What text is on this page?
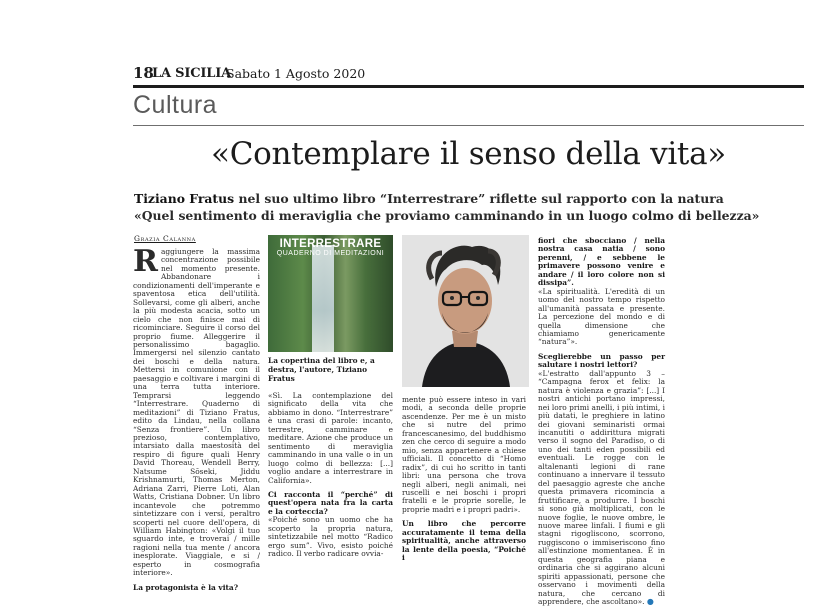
18
LA SICILIA
Sabato 1 Agosto 2020
Cultura
«Contemplare il senso della vita»
Tiziano Fratus nel suo ultimo libro “Interrestrare” riflette sul rapporto con la natura
«Quel sentimento di meraviglia che proviamo camminando in un luogo colmo di bellezza»
Grazia Calanna
R aggiungere la massima concentrazione possibile nel momento presente. Abbandonare i condizionamenti dell'imperante e spaventosa etica dell'utilità. Sollevarsi, come gli alberi, anche la più modesta acacia, sotto un cielo che non finisce mai di ricominciare. Seguire il corso del proprio fiume. Alleggerire il personalissimo bagaglio. Immergersi nel silenzio cantato dei boschi e della natura. Mettersi in comunione con il paesaggio e coltivare i margini di una terra tutta interiore. Temprarsi leggendo “Interrestrare. Quaderno di meditazioni” di Tiziano Fratus, edito da Lindau, nella collana “Senza frontiere”. Un libro prezioso, contemplativo, intarsiato dalla maestosità del respiro di figure quali Henry David Thoreau, Wendell Berry, Natsume Sōseki, Jiddu Krishnamurti, Thomas Merton, Adriana Zarri, Pierre Loti, Alan Watts, Cristiana Dobner. Un libro incantevole che potremmo sintetizzare con i versi, peraltro scoperti nel cuore dell'opera, di William Habington: «Volgi il tuo sguardo inte, e troverai / mille ragioni nella tua mente / ancora inesplorate. Viaggiale, e si / esperto in cosmografia interiore».

La protagonista è la vita?

INTERRESTRARE
QUADERNO DI MEDITAZIONI
La copertina del libro e, a destra, l'autore, Tiziano Fratus

«Sì. La contemplazione del significato della vita che abbiamo in dono. “Interrestrare” è una crasi di parole: incanto, terrestre, camminare e meditare. Azione che produce un sentimento di meraviglia camminando in una valle o in un luogo colmo di bellezza: [...] voglio andare a interrestrare in California».

Ci racconta il “perché” di quest'opera nata fra la carta e la corteccia?

«Poiché sono un uomo che ha scoperto la propria natura, sintetizzabile nel motto “Radico ergo sum”. Vivo, esisto poiché radico. Il verbo radicare ovvia-

mente può essere inteso in vari modi, a seconda delle proprie ascendenze. Per me è un misto che si nutre del primo francescanesimo, del buddhismo zen che cerco di seguire a modo mio, senza appartenere a chiese ufficiali. Il concetto di “Homo radix”, di cui ho scritto in tanti libri: una persona che trova negli alberi, negli animali, nei ruscelli e nei boschi i propri fratelli e le proprie sorelle, le proprie madri e i propri padri».

Un libro che percorre accuratamente il tema della spiritualità, anche attraverso la lente della poesia, “Poiché i

fiori che sbocciano / nella nostra casa natia / sono perenni, / e sebbene le primavere possono venire e andare / il loro colore non si dissipa”.

«La spiritualità. L'eredità di un uomo del nostro tempo rispetto all'umanità passata e presente. La percezione del mondo e di quella dimensione che chiamiamo genericamente “natura”».

Sceglierebbe un passo per salutare i nostri lettori?

«L'estratto dall'appunto 3 – “Campagna ferox et felix: la natura è violenza e grazia”: [...] I nostri antichi portano impressi, nei loro primi anelli, i più intimi, i più datati, le preghiere in latino dei giovani seminaristi ormai incanutiti o addirittura migrati verso il sogno del Paradiso, o di uno dei tanti eden possibili ed eventuali. Le rogge con le altalenanti legioni di rane continuano a innervare il tessuto del paesaggio agreste che anche questa primavera ricomincia a fruttificare, a produrre. I boschi si sono già moltiplicati, con le nuove foglie, le nuove ombre, le nuove maree linfali. I fiumi e gli stagni rigogliscono, scorrono, ruggiscono o immiseriscono fino all'estinzione momentanea. È in questa geografia piana e ordinaria che si aggirano alcuni spiriti appassionati, persone che osservano i movimenti della natura, che cercano di apprendere, che ascoltano». ●
